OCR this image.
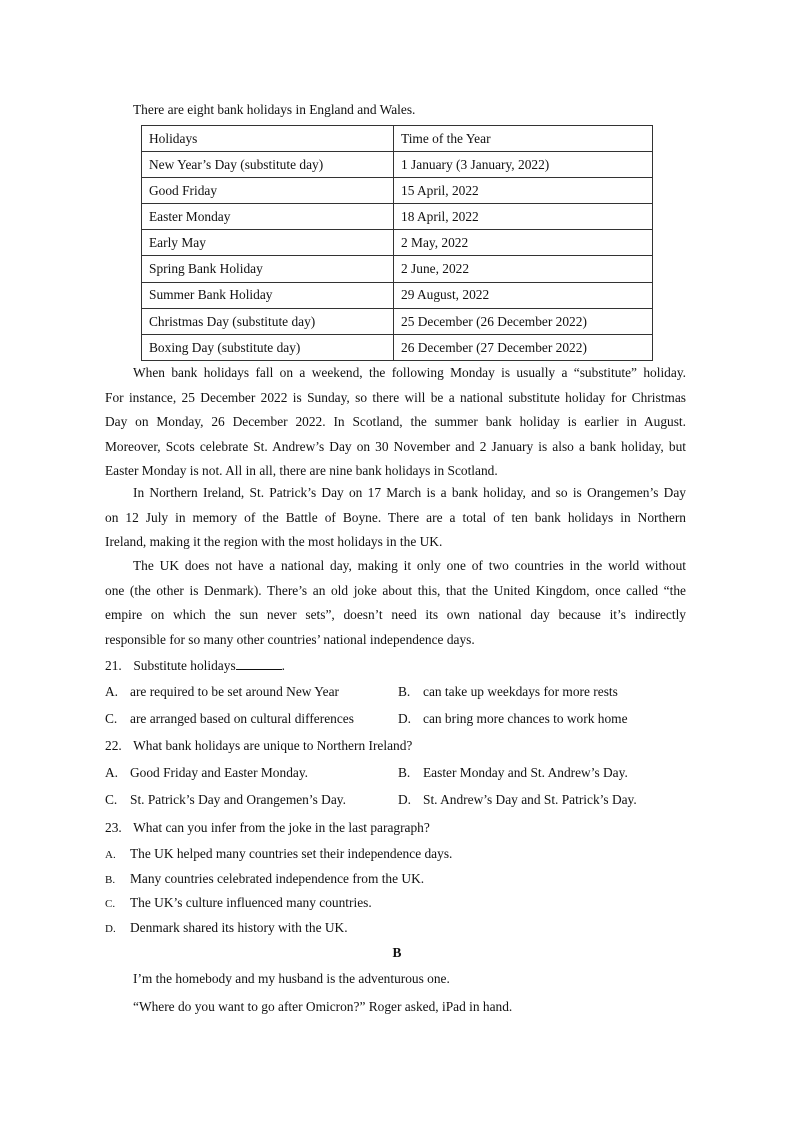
There are eight bank holidays in England and Wales.
Holidays	Time of the Year
New Year’s Day (substitute day)	1 January (3 January, 2022)
Good Friday	15 April, 2022
Easter Monday	18 April, 2022
Early May	2 May, 2022
Spring Bank Holiday	2 June, 2022
Summer Bank Holiday	29 August, 2022
Christmas Day (substitute day)	25 December (26 December 2022)
Boxing Day (substitute day)	26 December (27 December 2022)
When bank holidays fall on a weekend, the following Monday is usually a “substitute” holiday.
For instance, 25 December 2022 is Sunday, so there will be a national substitute holiday for Christmas
Day on Monday, 26 December 2022. In Scotland, the summer bank holiday is earlier in August.
Moreover, Scots celebrate St. Andrew’s Day on 30 November and 2 January is also a bank holiday, but
Easter Monday is not. All in all, there are nine bank holidays in Scotland.
In Northern Ireland, St. Patrick’s Day on 17 March is a bank holiday, and so is Orangemen’s Day
on 12 July in memory of the Battle of Boyne. There are a total of ten bank holidays in Northern
Ireland, making it the region with the most holidays in the UK.
The UK does not have a national day, making it only one of two countries in the world without
one (the other is Denmark). There’s an old joke about this, that the United Kingdom, once called “the
empire on which the sun never sets”, doesn’t need its own national day because it’s indirectly
responsible for so many other countries’ national independence days.
21. Substitute holidays	.
A. are required to be set around New Year	B. can take up weekdays for more rests
C. are arranged based on cultural differences	D. can bring more chances to work home
22. What bank holidays are unique to Northern Ireland?
A. Good Friday and Easter Monday.	B. Easter Monday and St. Andrew’s Day.
C. St. Patrick’s Day and Orangemen’s Day.	D. St. Andrew’s Day and St. Patrick’s Day.
23. What can you infer from the joke in the last paragraph?
A. The UK helped many countries set their independence days.
B. Many countries celebrated independence from the UK.
C. The UK’s culture influenced many countries.
D. Denmark shared its history with the UK.
B
I’m the homebody and my husband is the adventurous one.
“Where do you want to go after Omicron?” Roger asked, iPad in hand.
